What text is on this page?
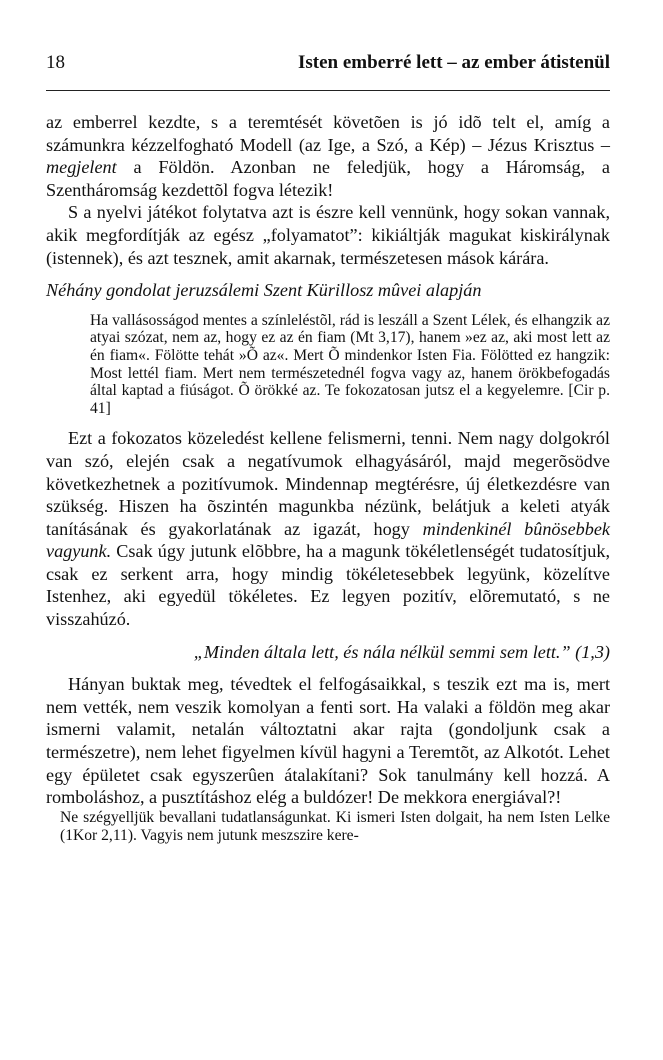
18	Isten emberré lett – az ember átistenül

az emberrel kezdte, s a teremtését követõen is jó idõ telt el, amíg a számunkra kézzelfogható Modell (az Ige, a Szó, a Kép) – Jézus Krisztus – megjelent a Földön. Azonban ne feledjük, hogy a Háromság, a Szentháromság kezdettõl fogva létezik!

S a nyelvi játékot folytatva azt is észre kell vennünk, hogy sokan vannak, akik megfordítják az egész „folyamatot”: kikiáltják magukat kiskirálynak (istennek), és azt tesznek, amit akarnak, természetesen mások kárára.

Néhány gondolat jeruzsálemi Szent Kürillosz mûvei alapján

Ha vallásosságod mentes a színleléstõl, rád is leszáll a Szent Lélek, és elhangzik az atyai szózat, nem az, hogy ez az én fiam (Mt 3,17), hanem »ez az, aki most lett az én fiam«. Fölötte tehát »Õ az«. Mert Õ mindenkor Isten Fia. Fölötted ez hangzik: Most lettél fiam. Mert nem természetednél fogva vagy az, hanem örökbefogadás által kaptad a fiúságot. Õ örökké az. Te fokozatosan jutsz el a kegyelemre. [Cir p. 41]

Ezt a fokozatos közeledést kellene felismerni, tenni. Nem nagy dolgokról van szó, elején csak a negatívumok elhagyásáról, majd megerõsödve következhetnek a pozitívumok. Mindennap megtérésre, új életkezdésre van szükség. Hiszen ha õszintén magunkba nézünk, belátjuk a keleti atyák tanításának és gyakorlatának az igazát, hogy mindenkinél bûnösebbek vagyunk. Csak úgy jutunk elõbbre, ha a magunk tökéletlenségét tudatosítjuk, csak ez serkent arra, hogy mindig tökéletesebbek legyünk, közelítve Istenhez, aki egyedül tökéletes. Ez legyen pozitív, elõremutató, s ne visszahúzó.

„Minden általa lett, és nála nélkül semmi sem lett.” (1,3)

Hányan buktak meg, tévedtek el felfogásaikkal, s teszik ezt ma is, mert nem vették, nem veszik komolyan a fenti sort. Ha valaki a földön meg akar ismerni valamit, netalán változtatni akar rajta (gondoljunk csak a természetre), nem lehet figyelmen kívül hagyni a Teremtõt, az Alkotót. Lehet egy épületet csak egyszerûen átalakítani? Sok tanulmány kell hozzá. A romboláshoz, a pusztításhoz elég a buldózer! De mekkora energiával?!

Ne szégyelljük bevallani tudatlanságunkat. Ki ismeri Isten dolgait, ha nem Isten Lelke (1Kor 2,11). Vagyis nem jutunk meszszire kere-
